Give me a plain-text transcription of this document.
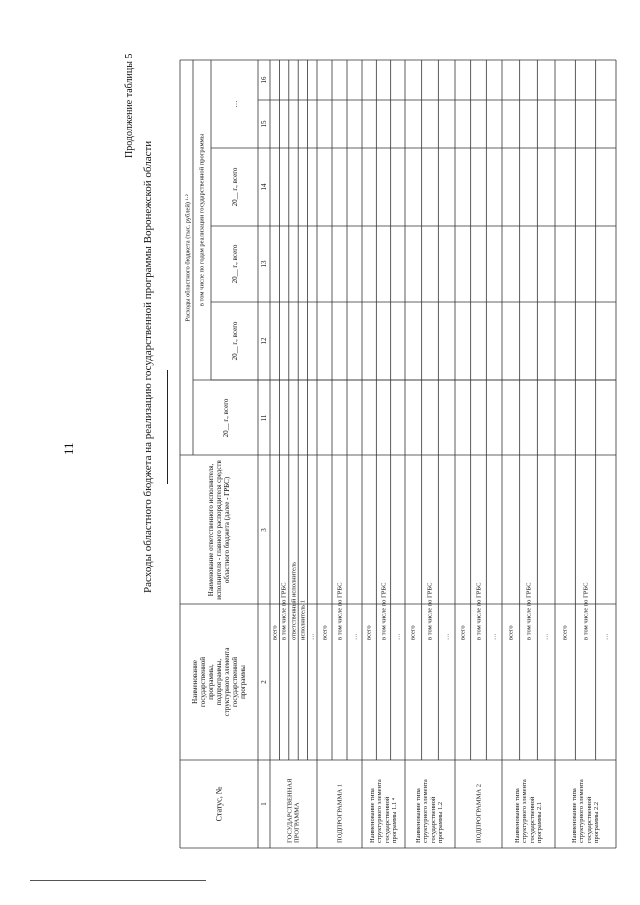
11
Продолжение таблицы 5
Расходы областного бюджета на реализацию государственной программы Воронежской области
Статус, №
Наименование государственной программы, подпрограммы, структурного элемента государственной программы
Наименование ответственного исполнителя, исполнителя - главного распорядителя средств областного бюджета (далее - ГРБС)
Расходы областного бюджета (тыс. рублей) ¹·² в том числе по годам реализации государственной программы
20__ г., всего
20__ г., всего
20__ г., всего
20__ г., всего
…
1
2
3
11
12
13
14
15
16
ГОСУДАРСТВЕННАЯ ПРОГРАММА
всего в том числе по ГРБС ответственный исполнитель исполнитель 1 …
ПОДПРОГРАММА 1
всего в том числе по ГРБС …
Наименование типа структурного элемента государственной программы 1.1 ⁴
всего в том числе по ГРБС …
Наименование типа структурного элемента государственной программы 1.2
всего в том числе по ГРБС …
ПОДПРОГРАММА 2
всего в том числе по ГРБС …
Наименование типа структурного элемента государственной программы 2.1
всего в том числе по ГРБС …
Наименование типа структурного элемента государственной программы 2.2
всего в том числе по ГРБС …
